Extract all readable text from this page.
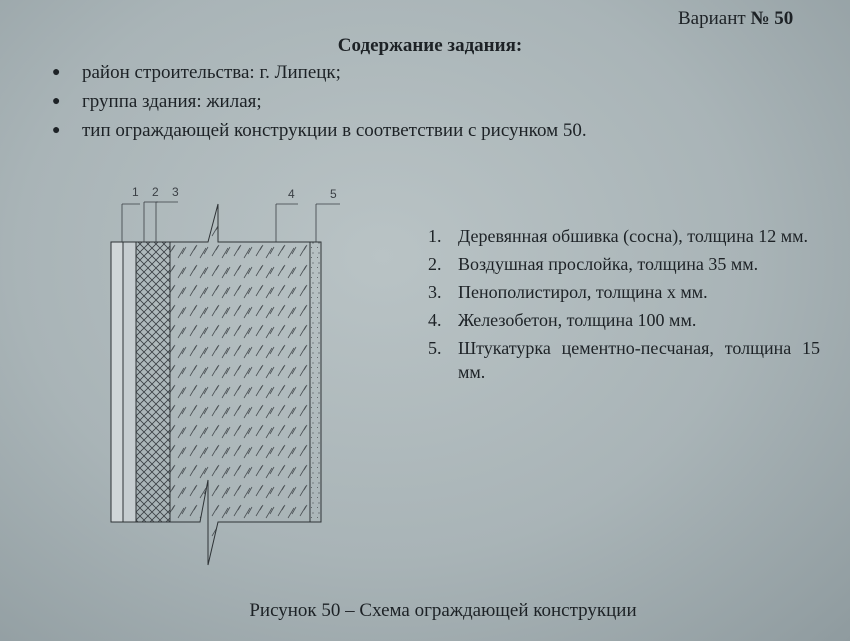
Вариант № 50
Содержание задания:
●	район строительства: г. Липецк;
●	группа здания: жилая;
●	тип ограждающей конструкции в соответствии с рисунком 50.
1 2 3	4	5
1. Деревянная обшивка (сосна), толщина 12 мм.
2. Воздушная прослойка, толщина 35 мм.
3. Пенополистирол, толщина х мм.
4. Железобетон, толщина 100 мм.
5. Штукатурка цементно-песчаная, толщина 15 мм.
Рисунок 50 – Схема ограждающей конструкции
